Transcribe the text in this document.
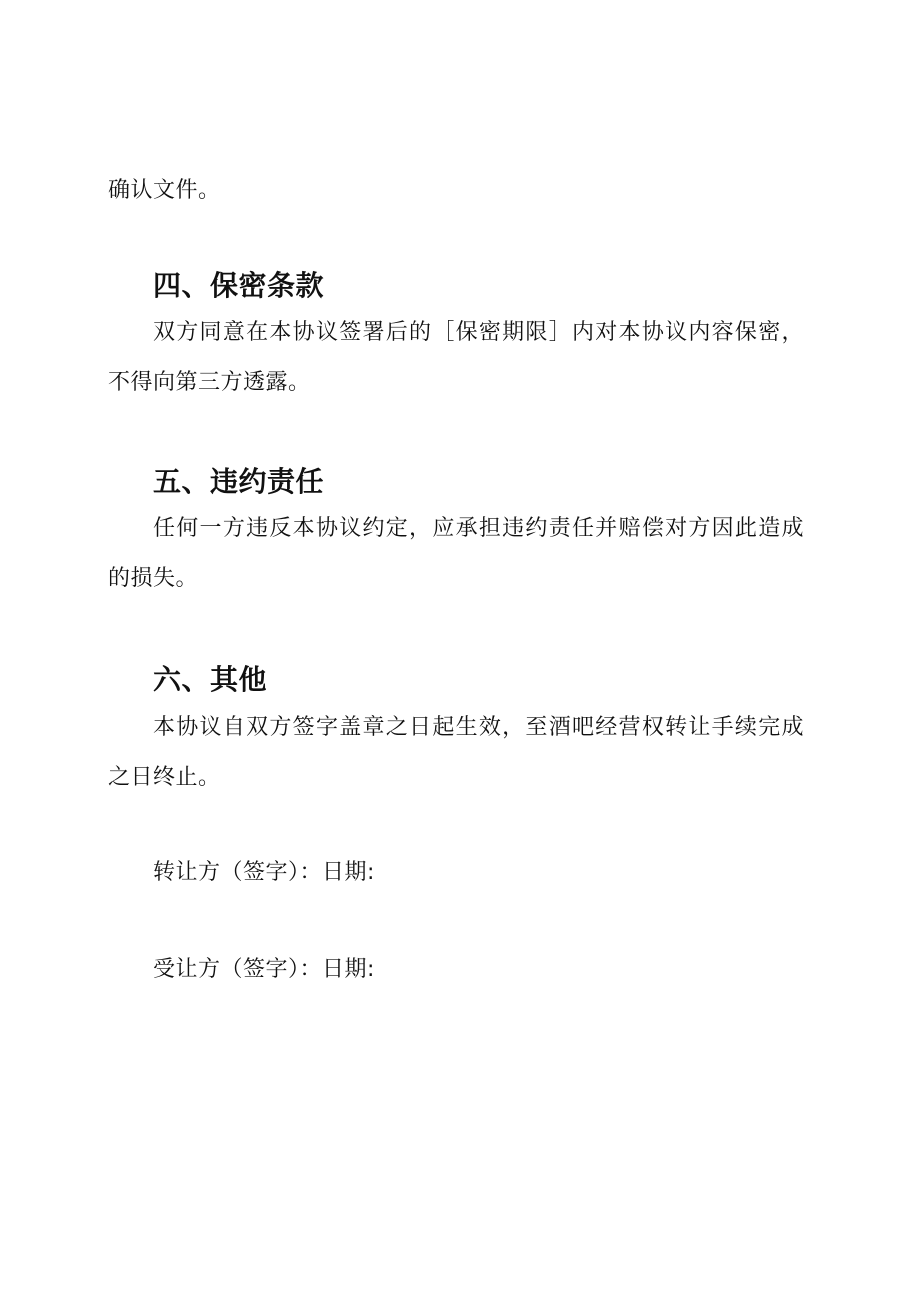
确认文件。

四、保密条款

双方同意在本协议签署后的［保密期限］内对本协议内容保密，

不得向第三方透露。

五、违约责任

任何一方违反本协议约定，应承担违约责任并赔偿对方因此造成

的损失。

六、其他

本协议自双方签字盖章之日起生效，至酒吧经营权转让手续完成

之日终止。

转让方（签字）：日期:

受让方（签字）：日期:
